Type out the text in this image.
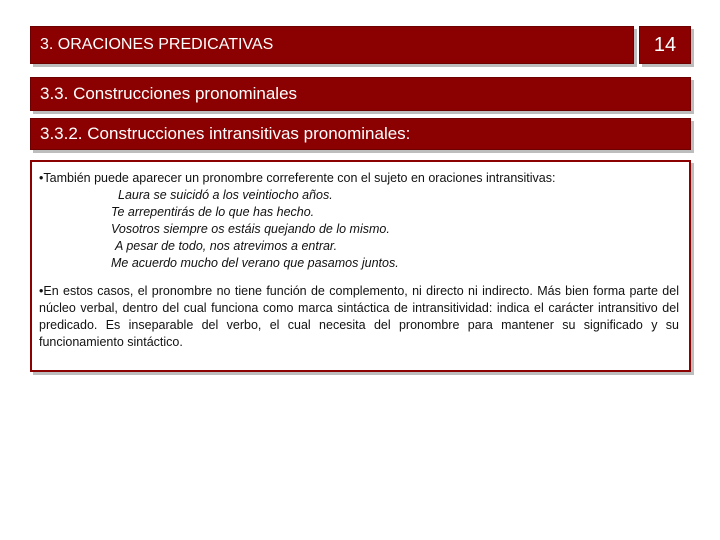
3. ORACIONES PREDICATIVAS	14
3.3. Construcciones pronominales
3.3.2. Construcciones intransitivas pronominales:

•También puede aparecer un pronombre correferente con el sujeto en oraciones intransitivas:

Laura se suicidó a los veintiocho años.
Te arrepentirás de lo que has hecho.
Vosotros siempre os estáis quejando de lo mismo.
A pesar de todo, nos atrevimos a entrar.
Me acuerdo mucho del verano que pasamos juntos.

•En estos casos, el pronombre no tiene función de complemento, ni directo ni indirecto. Más bien forma parte del núcleo verbal, dentro del cual funciona como marca sintáctica de intransitividad: indica el carácter intransitivo del predicado. Es inseparable del verbo, el cual necesita del pronombre para mantener su significado y su funcionamiento sintáctico.
